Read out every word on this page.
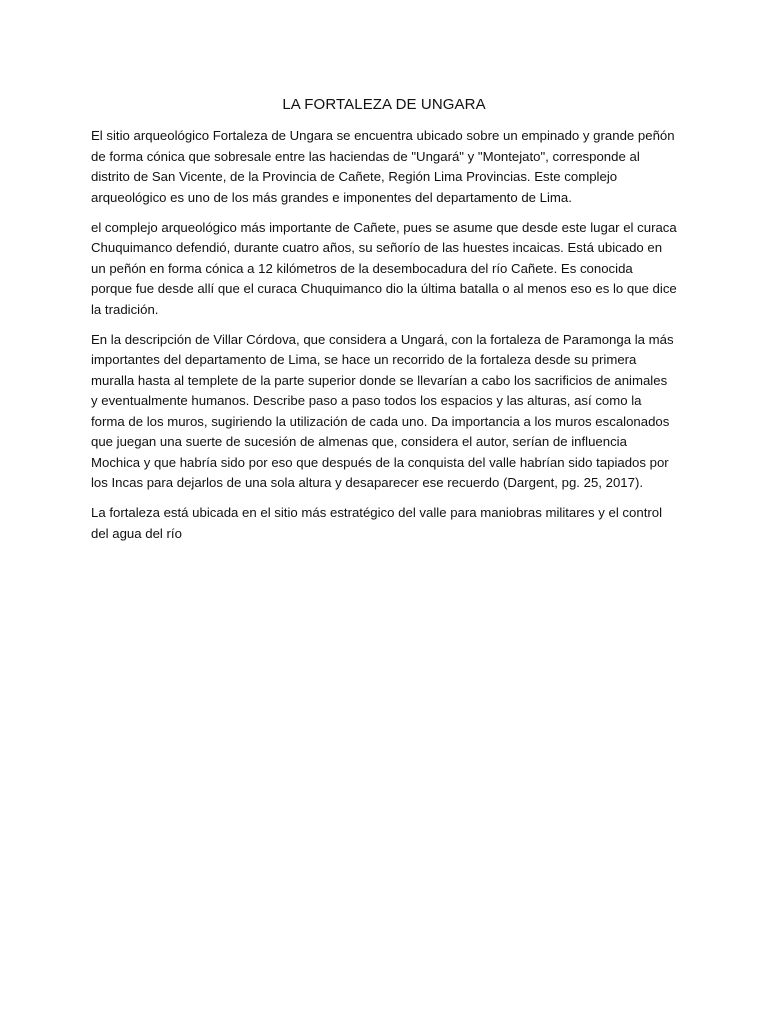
LA FORTALEZA DE UNGARA

El sitio arqueológico Fortaleza de Ungara se encuentra ubicado sobre un empinado y grande peñón de forma cónica que sobresale entre las haciendas de "Ungará" y "Montejato", corresponde al distrito de San Vicente, de la Provincia de Cañete, Región Lima Provincias. Este complejo arqueológico es uno de los más grandes e imponentes del departamento de Lima.

el complejo arqueológico más importante de Cañete, pues se asume que desde este lugar el curaca Chuquimanco defendió, durante cuatro años, su señorío de las huestes incaicas. Está ubicado en un peñón en forma cónica a 12 kilómetros de la desembocadura del río Cañete. Es conocida porque fue desde allí que el curaca Chuquimanco dio la última batalla o al menos eso es lo que dice la tradición.

En la descripción de Villar Córdova, que considera a Ungará, con la fortaleza de Paramonga la más importantes del departamento de Lima, se hace un recorrido de la fortaleza desde su primera muralla hasta al templete de la parte superior donde se llevarían a cabo los sacrificios de animales y eventualmente humanos. Describe paso a paso todos los espacios y las alturas, así como la forma de los muros, sugiriendo la utilización de cada uno. Da importancia a los muros escalonados que juegan una suerte de sucesión de almenas que, considera el autor, serían de influencia Mochica y que habría sido por eso que después de la conquista del valle habrían sido tapiados por los Incas para dejarlos de una sola altura y desaparecer ese recuerdo (Dargent, pg. 25, 2017).

La fortaleza está ubicada en el sitio más estratégico del valle para maniobras militares y el control del agua del río
